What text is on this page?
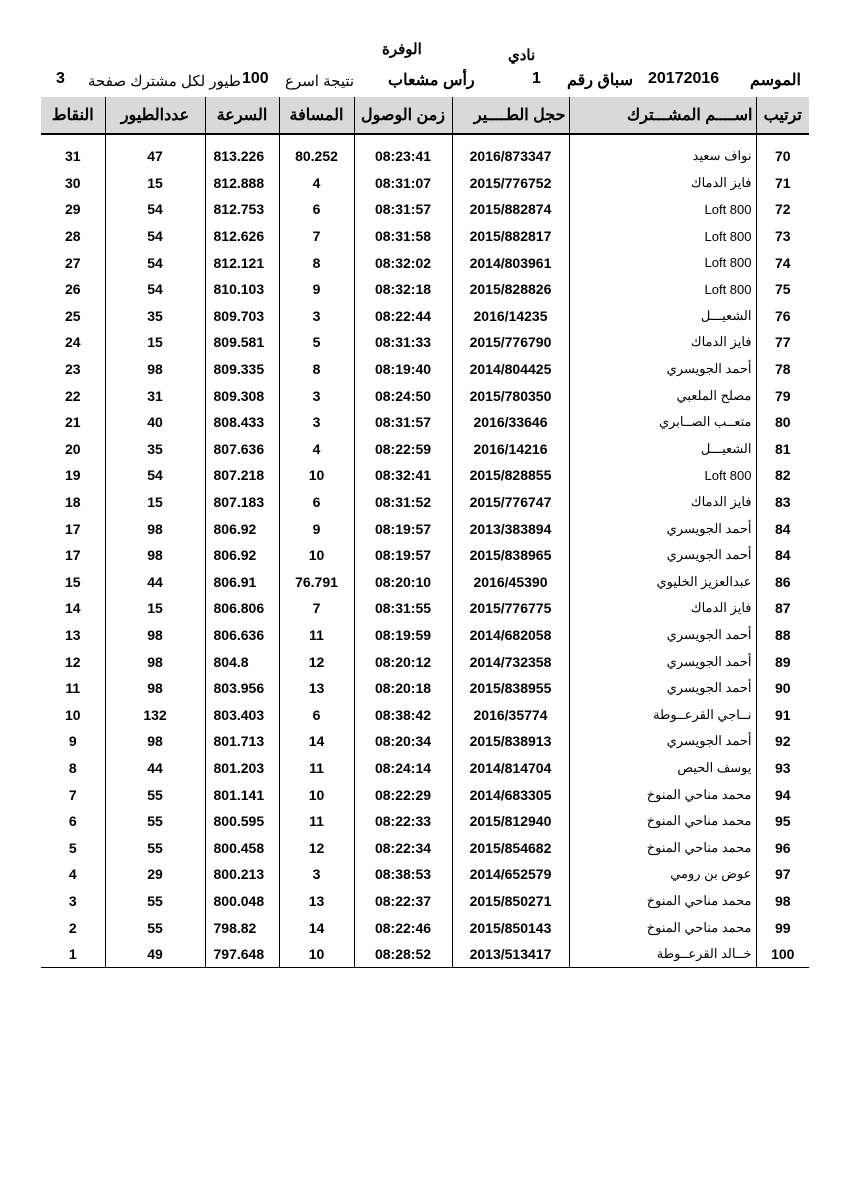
الوفرة	نادي
الموسم
20172016
سباق رقم
1
رأس مشعاب
نتيجة اسرع
100
طيور لكل مشترك صفحة
3
النقاط	عددالطيور	السرعة	المسافة	زمن الوصول	حجل الطــــير	اســــم المشـــترك	ترتيب

31	47	813.226	80.252	08:23:41	2016/873347	نواف سعيد	70
30	15	812.888	4	08:31:07	2015/776752	فايز الدماك	71
29	54	812.753	6	08:31:57	2015/882874	Loft 800	72
28	54	812.626	7	08:31:58	2015/882817	Loft 800	73
27	54	812.121	8	08:32:02	2014/803961	Loft 800	74
26	54	810.103	9	08:32:18	2015/828826	Loft 800	75
25	35	809.703	3	08:22:44	2016/14235	الشعيـــل	76
24	15	809.581	5	08:31:33	2015/776790	فايز الدماك	77
23	98	809.335	8	08:19:40	2014/804425	أحمد الجويسري	78
22	31	809.308	3	08:24:50	2015/780350	مصلح الملعبي	79
21	40	808.433	3	08:31:57	2016/33646	متعــب الصــابري	80
20	35	807.636	4	08:22:59	2016/14216	الشعيـــل	81
19	54	807.218	10	08:32:41	2015/828855	Loft 800	82
18	15	807.183	6	08:31:52	2015/776747	فايز الدماك	83
17	98	806.92	9	08:19:57	2013/383894	أحمد الجويسري	84
17	98	806.92	10	08:19:57	2015/838965	أحمد الجويسري	84
15	44	806.91	76.791	08:20:10	2016/45390	عبدالعزيز الخليوي	86
14	15	806.806	7	08:31:55	2015/776775	فايز الدماك	87
13	98	806.636	11	08:19:59	2014/682058	أحمد الجويسري	88
12	98	804.8	12	08:20:12	2014/732358	أحمد الجويسري	89
11	98	803.956	13	08:20:18	2015/838955	أحمد الجويسري	90
10	132	803.403	6	08:38:42	2016/35774	نــاجي القرعــوطة	91
9	98	801.713	14	08:20:34	2015/838913	أحمد الجويسري	92
8	44	801.203	11	08:24:14	2014/814704	يوسف الحيص	93
7	55	801.141	10	08:22:29	2014/683305	محمد مناحي المنوخ	94
6	55	800.595	11	08:22:33	2015/812940	محمد مناحي المنوخ	95
5	55	800.458	12	08:22:34	2015/854682	محمد مناحي المنوخ	96
4	29	800.213	3	08:38:53	2014/652579	عوض بن رومي	97
3	55	800.048	13	08:22:37	2015/850271	محمد مناحي المنوخ	98
2	55	798.82	14	08:22:46	2015/850143	محمد مناحي المنوخ	99
1	49	797.648	10	08:28:52	2013/513417	خــالد القرعــوطة	100
